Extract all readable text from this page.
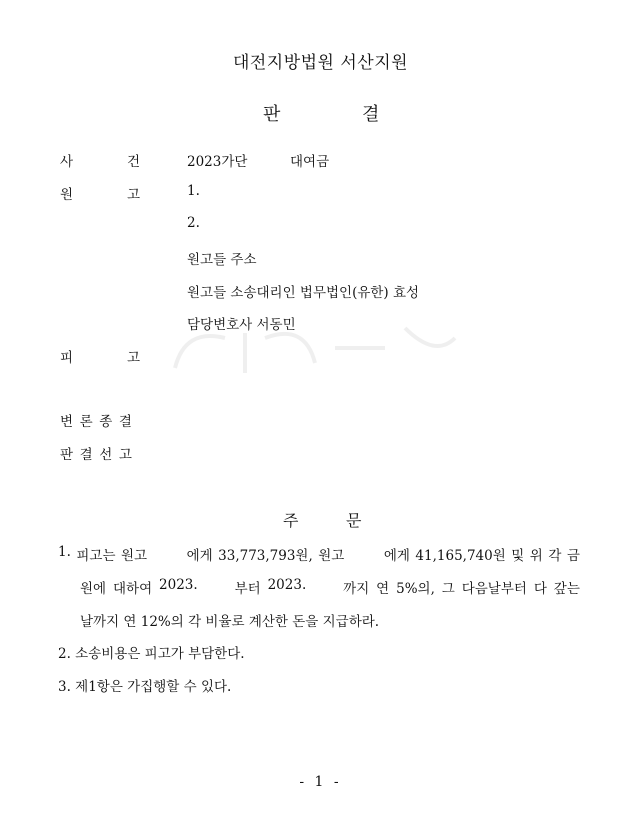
대전지방법원 서산지원
판	결
사	건	2023가단	대여금
원	고	1.
2.
원고들 주소
원고들 소송대리인 법무법인(유한) 효성
담당변호사 서동민
피	고
변 론 종 결
판 결 선 고
주	문
1. 피고는 원고	에게 33,773,793원, 원고	에게 41,165,740원 및 위 각 금
원에 대하여 2023.	부터 2023.	까지 연 5%의, 그 다음날부터 다 갚는
날까지 연 12%의 각 비율로 계산한 돈을 지급하라.
2. 소송비용은 피고가 부담한다.
3. 제1항은 가집행할 수 있다.
- 1 -
